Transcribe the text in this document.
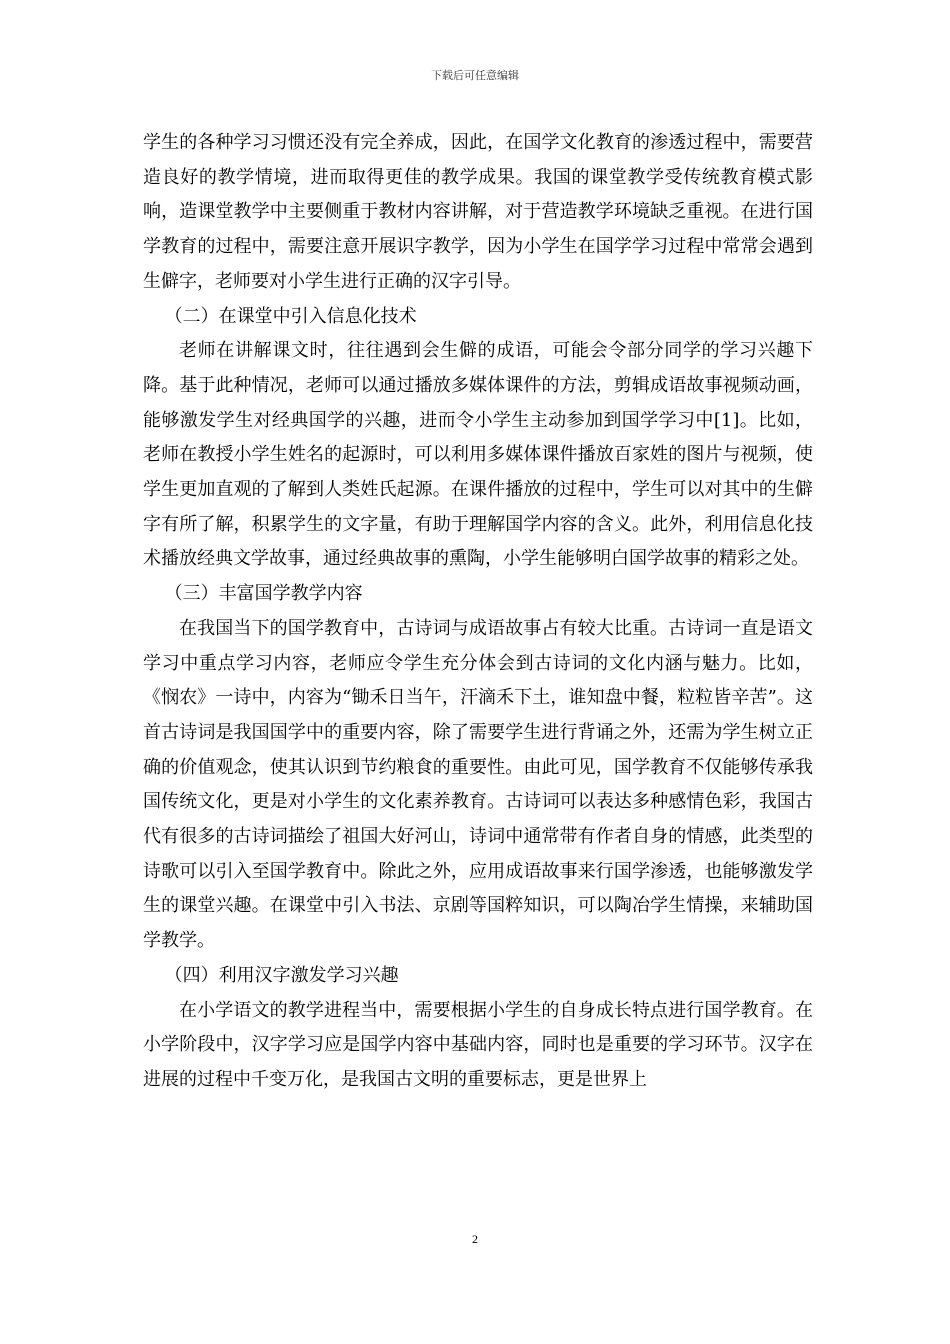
下载后可任意编辑

学生的各种学习习惯还没有完全养成，因此，在国学文化教育的渗透过程中，需要营造良好的教学情境，进而取得更佳的教学成果。我国的课堂教学受传统教育模式影响，造课堂教学中主要侧重于教材内容讲解，对于营造教学环境缺乏重视。在进行国学教育的过程中，需要注意开展识字教学，因为小学生在国学学习过程中常常会遇到生僻字，老师要对小学生进行正确的汉字引导。

（二）在课堂中引入信息化技术

老师在讲解课文时，往往遇到会生僻的成语，可能会令部分同学的学习兴趣下降。基于此种情况，老师可以通过播放多媒体课件的方法，剪辑成语故事视频动画，能够激发学生对经典国学的兴趣，进而令小学生主动参加到国学学习中[1]。比如，老师在教授小学生姓名的起源时，可以利用多媒体课件播放百家姓的图片与视频，使学生更加直观的了解到人类姓氏起源。在课件播放的过程中，学生可以对其中的生僻字有所了解，积累学生的文字量，有助于理解国学内容的含义。此外，利用信息化技术播放经典文学故事，通过经典故事的熏陶，小学生能够明白国学故事的精彩之处。

（三）丰富国学教学内容

在我国当下的国学教育中，古诗词与成语故事占有较大比重。古诗词一直是语文学习中重点学习内容，老师应令学生充分体会到古诗词的文化内涵与魅力。比如，《悯农》一诗中，内容为“锄禾日当午，汗滴禾下土，谁知盘中餐，粒粒皆辛苦”。这首古诗词是我国国学中的重要内容，除了需要学生进行背诵之外，还需为学生树立正确的价值观念，使其认识到节约粮食的重要性。由此可见，国学教育不仅能够传承我国传统文化，更是对小学生的文化素养教育。古诗词可以表达多种感情色彩，我国古代有很多的古诗词描绘了祖国大好河山，诗词中通常带有作者自身的情感，此类型的诗歌可以引入至国学教育中。除此之外，应用成语故事来行国学渗透，也能够激发学生的课堂兴趣。在课堂中引入书法、京剧等国粹知识，可以陶冶学生情操，来辅助国学教学。

（四）利用汉字激发学习兴趣

在小学语文的教学进程当中，需要根据小学生的自身成长特点进行国学教育。在小学阶段中，汉字学习应是国学内容中基础内容，同时也是重要的学习环节。汉字在进展的过程中千变万化，是我国古文明的重要标志，更是世界上

2
